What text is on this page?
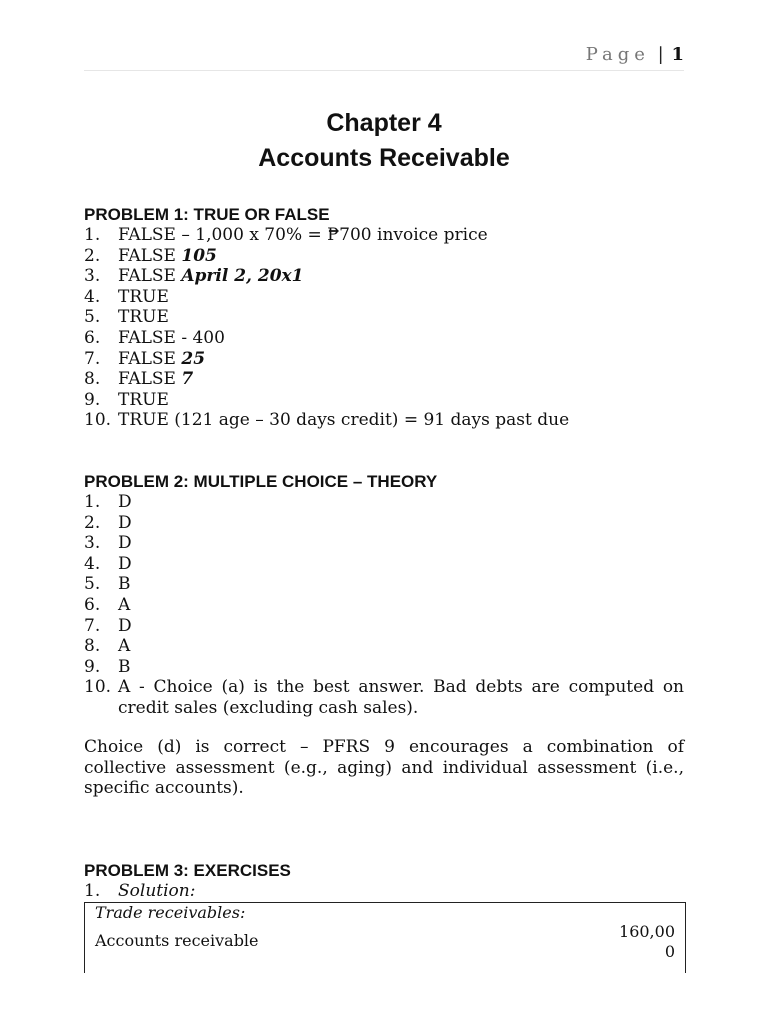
Page | 1
Chapter 4
Accounts Receivable
PROBLEM 1: TRUE OR FALSE
1.	FALSE – 1,000 x 70% = ₱700 invoice price
2.	FALSE 105
3.	FALSE April 2, 20x1
4.	TRUE
5.	TRUE
6.	FALSE - 400
7.	FALSE 25
8.	FALSE 7
9.	TRUE
10. TRUE (121 age – 30 days credit) = 91 days past due
PROBLEM 2: MULTIPLE CHOICE – THEORY
1.	D
2.	D
3.	D
4.	D
5.	B
6.	A
7.	D
8.	A
9.	B
10. A - Choice (a) is the best answer. Bad debts are computed on credit sales (excluding cash sales).
Choice (d) is correct – PFRS 9 encourages a combination of collective assessment (e.g., aging) and individual assessment (i.e., specific accounts).
PROBLEM 3: EXERCISES
1.	Solution:
Trade receivables:
Accounts receivable	160,000
